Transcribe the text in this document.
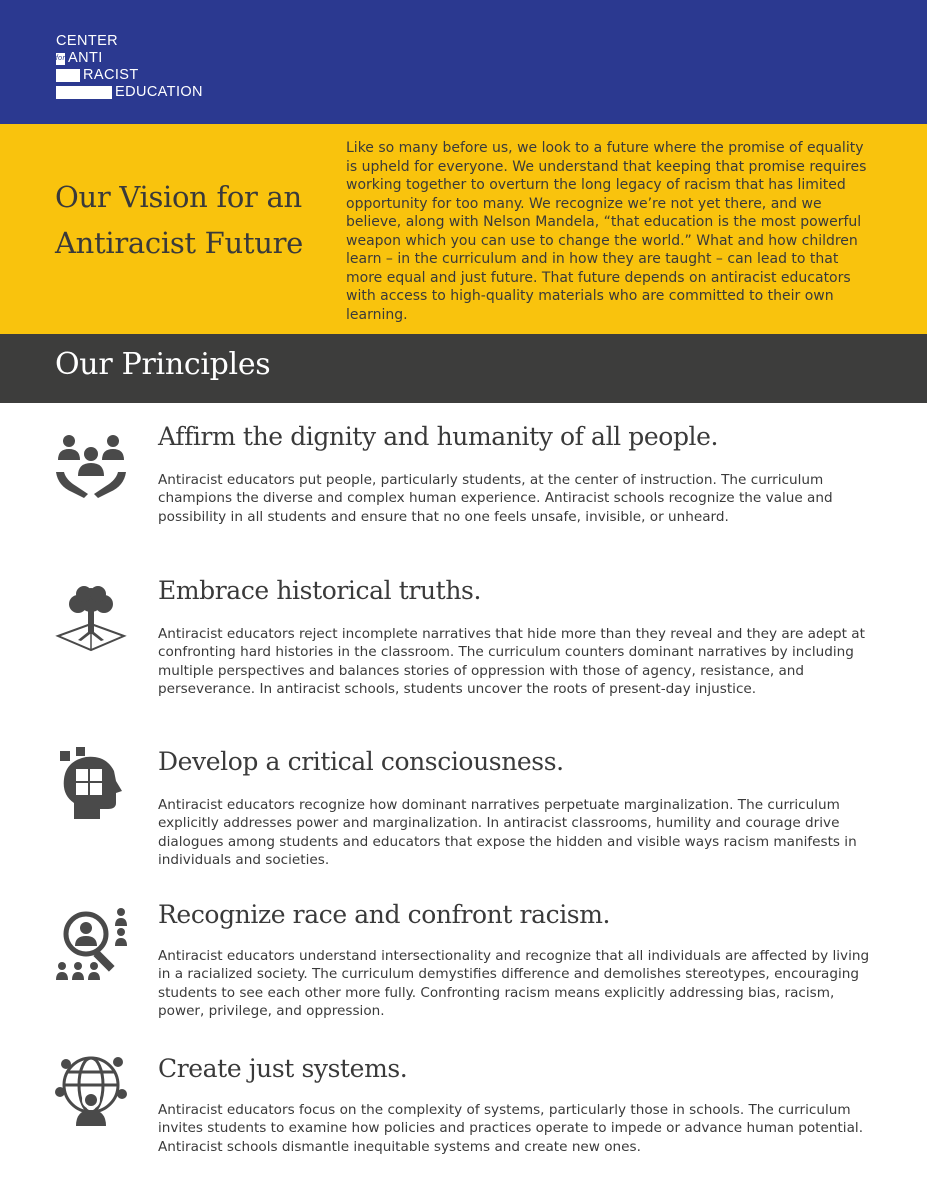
CENTER
for ANTI
RACIST
EDUCATION
Our Vision for an
Antiracist Future
Like so many before us, we look to a future where the promise of equality is upheld for everyone. We understand that keeping that promise requires working together to overturn the long legacy of racism that has limited opportunity for too many. We recognize we’re not yet there, and we believe, along with Nelson Mandela, “that education is the most powerful weapon which you can use to change the world.” What and how children learn – in the curriculum and in how they are taught – can lead to that more equal and just future. That future depends on antiracist educators with access to high-quality materials who are committed to their own learning.
Our Principles
Affirm the dignity and humanity of all people.

Antiracist educators put people, particularly students, at the center of instruction. The curriculum champions the diverse and complex human experience. Antiracist schools recognize the value and possibility in all students and ensure that no one feels unsafe, invisible, or unheard.

Embrace historical truths.

Antiracist educators reject incomplete narratives that hide more than they reveal and they are adept at confronting hard histories in the classroom. The curriculum counters dominant narratives by including multiple perspectives and balances stories of oppression with those of agency, resistance, and perseverance. In antiracist schools, students uncover the roots of present-day injustice.

Develop a critical consciousness.

Antiracist educators recognize how dominant narratives perpetuate marginalization. The curriculum explicitly addresses power and marginalization. In antiracist classrooms, humility and courage drive dialogues among students and educators that expose the hidden and visible ways racism manifests in individuals and societies.

Recognize race and confront racism.

Antiracist educators understand intersectionality and recognize that all individuals are affected by living in a racialized society. The curriculum demystifies difference and demolishes stereotypes, encouraging students to see each other more fully. Confronting racism means explicitly addressing bias, racism, power, privilege, and oppression.

Create just systems.

Antiracist educators focus on the complexity of systems, particularly those in schools. The curriculum invites students to examine how policies and practices operate to impede or advance human potential. Antiracist schools dismantle inequitable systems and create new ones.
